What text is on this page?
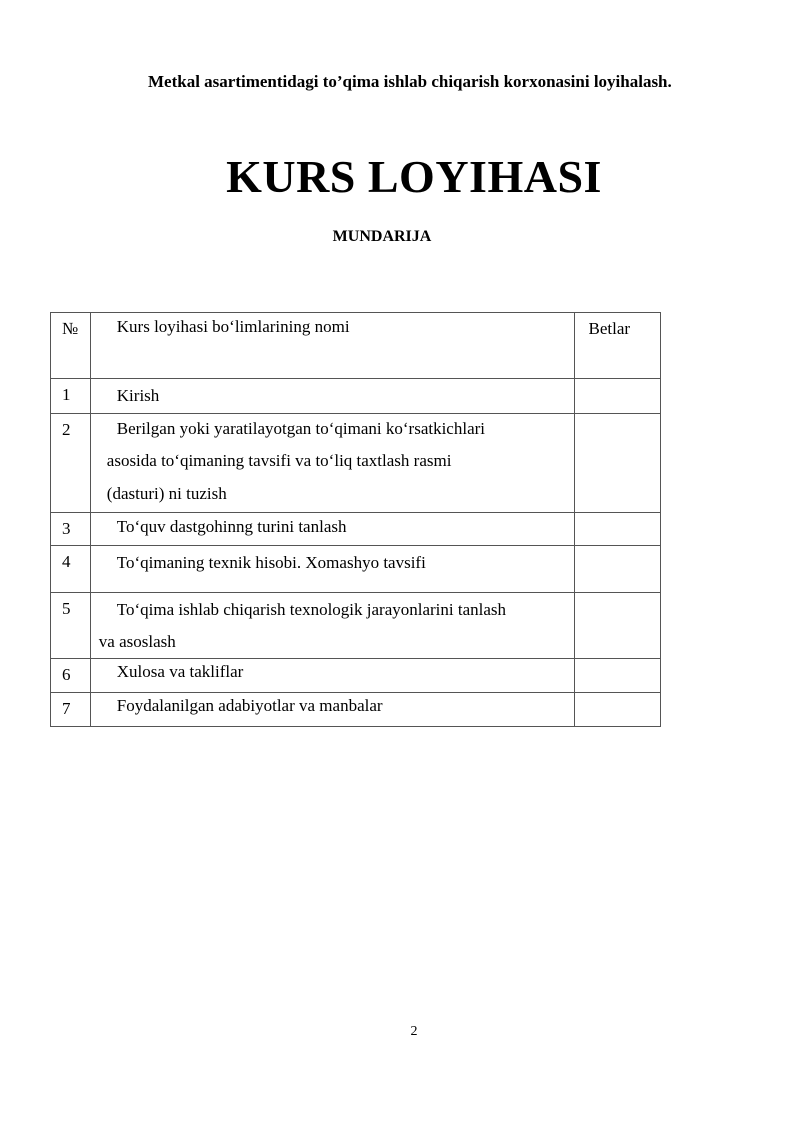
Metkal asartimentidagi to’qima ishlab chiqarish korxonasini loyihalash.
KURS LOYIHASI
MUNDARIJA
№	Kurs loyihasi bo‘limlarining nomi	Betlar
1	Kirish	

2	Berilgan yoki yaratilayotgan to‘qimani ko‘rsatkichlari
asosida to‘qimaning tavsifi va to‘liq taxtlash rasmi
(dasturi) ni tuzish	

3	To‘quv dastgohinng turini tanlash	

4	To‘qimaning texnik hisobi. Xomashyo tavsifi	

5	To‘qima ishlab chiqarish texnologik jarayonlarini tanlash
va asoslash	

6	Xulosa va takliflar	

7	Foydalanilgan adabiyotlar va manbalar	

2
